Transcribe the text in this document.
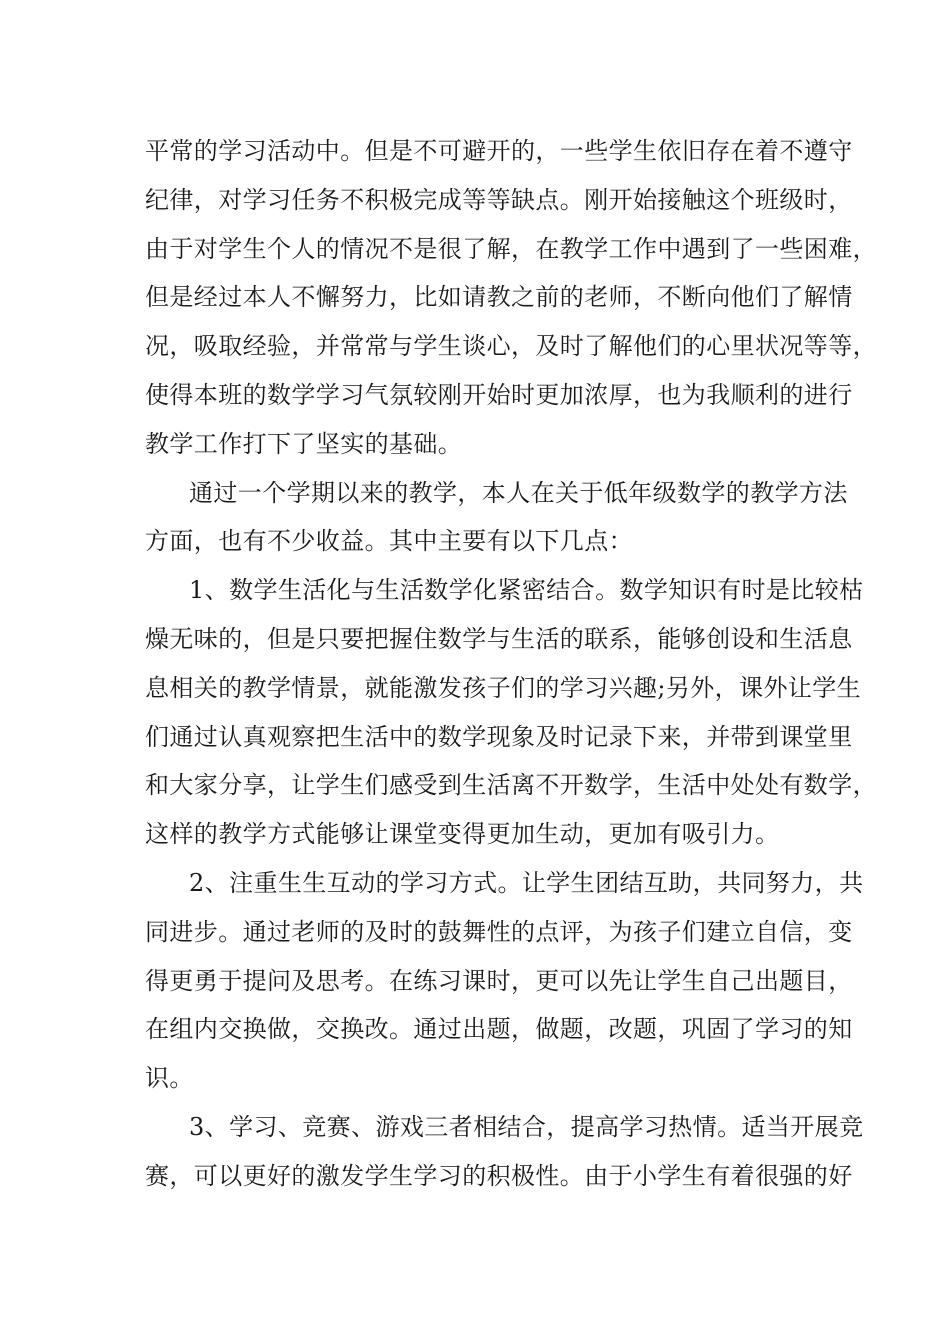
平常的学习活动中。但是不可避开的，一些学生依旧存在着不遵守
纪律，对学习任务不积极完成等等缺点。刚开始接触这个班级时，
由于对学生个人的情况不是很了解，在教学工作中遇到了一些困难，
但是经过本人不懈努力，比如请教之前的老师，不断向他们了解情
况，吸取经验，并常常与学生谈心，及时了解他们的心里状况等等，
使得本班的数学学习气氛较刚开始时更加浓厚，也为我顺利的进行
教学工作打下了坚实的基础。
通过一个学期以来的教学，本人在关于低年级数学的教学方法
方面，也有不少收益。其中主要有以下几点：
1、数学生活化与生活数学化紧密结合。数学知识有时是比较枯
燥无味的，但是只要把握住数学与生活的联系，能够创设和生活息
息相关的教学情景，就能激发孩子们的学习兴趣;另外，课外让学生
们通过认真观察把生活中的数学现象及时记录下来，并带到课堂里
和大家分享，让学生们感受到生活离不开数学，生活中处处有数学，
这样的教学方式能够让课堂变得更加生动，更加有吸引力。
2、注重生生互动的学习方式。让学生团结互助，共同努力，共
同进步。通过老师的及时的鼓舞性的点评，为孩子们建立自信，变
得更勇于提问及思考。在练习课时，更可以先让学生自己出题目，
在组内交换做，交换改。通过出题，做题，改题，巩固了学习的知
识。
3、学习、竞赛、游戏三者相结合，提高学习热情。适当开展竞
赛，可以更好的激发学生学习的积极性。由于小学生有着很强的好
